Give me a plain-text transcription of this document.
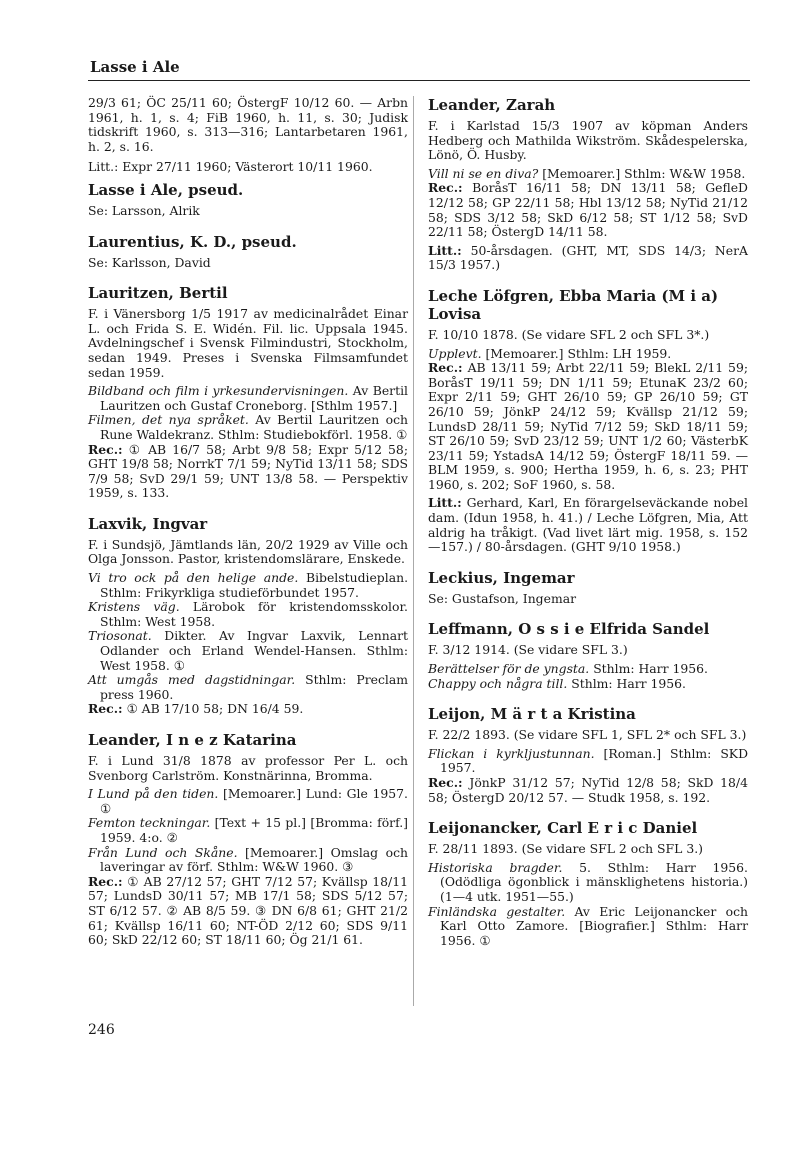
Lasse i Ale

29/3 61; ÖC 25/11 60; ÖstergF 10/12 60. — Arbn 1961, h. 1, s. 4; FiB 1960, h. 11, s. 30; Judisk tidskrift 1960, s. 313—316; Lantarbetaren 1961, h. 2, s. 16.

Litt.: Expr 27/11 1960; Västerort 10/11 1960.

Lasse i Ale, pseud.

Se: Larsson, Alrik

Laurentius, K. D., pseud.

Se: Karlsson, David

Lauritzen, Bertil

F. i Vänersborg 1/5 1917 av medicinalrådet Einar L. och Frida S. E. Widén. Fil. lic. Uppsala 1945. Avdelningschef i Svensk Filmindustri, Stockholm, sedan 1949. Preses i Svenska Filmsamfundet sedan 1959.

Bildband och film i yrkesundervisningen. Av Bertil Lauritzen och Gustaf Croneborg. [Sthlm 1957.]

Filmen, det nya språket. Av Bertil Lauritzen och Rune Waldekranz. Sthlm: Studiebokförl. 1958. ①

Rec.: ① AB 16/7 58; Arbt 9/8 58; Expr 5/12 58; GHT 19/8 58; NorrkT 7/1 59; NyTid 13/11 58; SDS 7/9 58; SvD 29/1 59; UNT 13/8 58. — Perspektiv 1959, s. 133.

Laxvik, Ingvar

F. i Sundsjö, Jämtlands län, 20/2 1929 av Ville och Olga Jonsson. Pastor, kristendomslärare, Enskede.

Vi tro ock på den helige ande. Bibelstudieplan. Sthlm: Frikyrkliga studieförbundet 1957.

Kristens väg. Lärobok för kristendomsskolor. Sthlm: West 1958.

Triosonat. Dikter. Av Ingvar Laxvik, Lennart Odlander och Erland Wendel-Hansen. Sthlm: West 1958. ①

Att umgås med dagstidningar. Sthlm: Preclam press 1960.

Rec.: ① AB 17/10 58; DN 16/4 59.

Leander, I n e z Katarina

F. i Lund 31/8 1878 av professor Per L. och Svenborg Carlström. Konstnärinna, Bromma.

I Lund på den tiden. [Memoarer.] Lund: Gle 1957. ①

Femton teckningar. [Text + 15 pl.] [Bromma: förf.] 1959. 4:o. ②

Från Lund och Skåne. [Memoarer.] Omslag och laveringar av förf. Sthlm: W&W 1960. ③

Rec.: ① AB 27/12 57; GHT 7/12 57; Kvällsp 18/11 57; LundsD 30/11 57; MB 17/1 58; SDS 5/12 57; ST 6/12 57. ② AB 8/5 59. ③ DN 6/8 61; GHT 21/2 61; Kvällsp 16/11 60; NT-ÖD 2/12 60; SDS 9/11 60; SkD 22/12 60; ST 18/11 60; Ög 21/1 61.

Leander, Zarah

F. i Karlstad 15/3 1907 av köpman Anders Hedberg och Mathilda Wikström. Skådespelerska, Lönö, Ö. Husby.

Vill ni se en diva? [Memoarer.] Sthlm: W&W 1958.

Rec.: BoråsT 16/11 58; DN 13/11 58; GefleD 12/12 58; GP 22/11 58; Hbl 13/12 58; NyTid 21/12 58; SDS 3/12 58; SkD 6/12 58; ST 1/12 58; SvD 22/11 58; ÖstergD 14/11 58.

Litt.: 50-årsdagen. (GHT, MT, SDS 14/3; NerA 15/3 1957.)

Leche Löfgren, Ebba Maria (M i a) Lovisa

F. 10/10 1878. (Se vidare SFL 2 och SFL 3*.)

Upplevt. [Memoarer.] Sthlm: LH 1959.

Rec.: AB 13/11 59; Arbt 22/11 59; BlekL 2/11 59; BoråsT 19/11 59; DN 1/11 59; EtunaK 23/2 60; Expr 2/11 59; GHT 26/10 59; GP 26/10 59; GT 26/10 59; JönkP 24/12 59; Kvällsp 21/12 59; LundsD 28/11 59; NyTid 7/12 59; SkD 18/11 59; ST 26/10 59; SvD 23/12 59; UNT 1/2 60; VästerbK 23/11 59; YstadsA 14/12 59; ÖstergF 18/11 59. — BLM 1959, s. 900; Hertha 1959, h. 6, s. 23; PHT 1960, s. 202; SoF 1960, s. 58.

Litt.: Gerhard, Karl, En förargelseväckande nobel dam. (Idun 1958, h. 41.) / Leche Löfgren, Mia, Att aldrig ha tråkigt. (Vad livet lärt mig. 1958, s. 152—157.) / 80-årsdagen. (GHT 9/10 1958.)

Leckius, Ingemar

Se: Gustafson, Ingemar

Leffmann, O s s i e Elfrida Sandel

F. 3/12 1914. (Se vidare SFL 3.)

Berättelser för de yngsta. Sthlm: Harr 1956.

Chappy och några till. Sthlm: Harr 1956.

Leijon, M ä r t a Kristina

F. 22/2 1893. (Se vidare SFL 1, SFL 2* och SFL 3.)

Flickan i kyrkljustunnan. [Roman.] Sthlm: SKD 1957.

Rec.: JönkP 31/12 57; NyTid 12/8 58; SkD 18/4 58; ÖstergD 20/12 57. — Studk 1958, s. 192.

Leijonancker, Carl E r i c Daniel

F. 28/11 1893. (Se vidare SFL 2 och SFL 3.)

Historiska bragder. 5. Sthlm: Harr 1956. (Odödliga ögonblick i mänsklighetens historia.) (1—4 utk. 1951—55.)

Finländska gestalter. Av Eric Leijonancker och Karl Otto Zamore. [Biografier.] Sthlm: Harr 1956. ①

246
